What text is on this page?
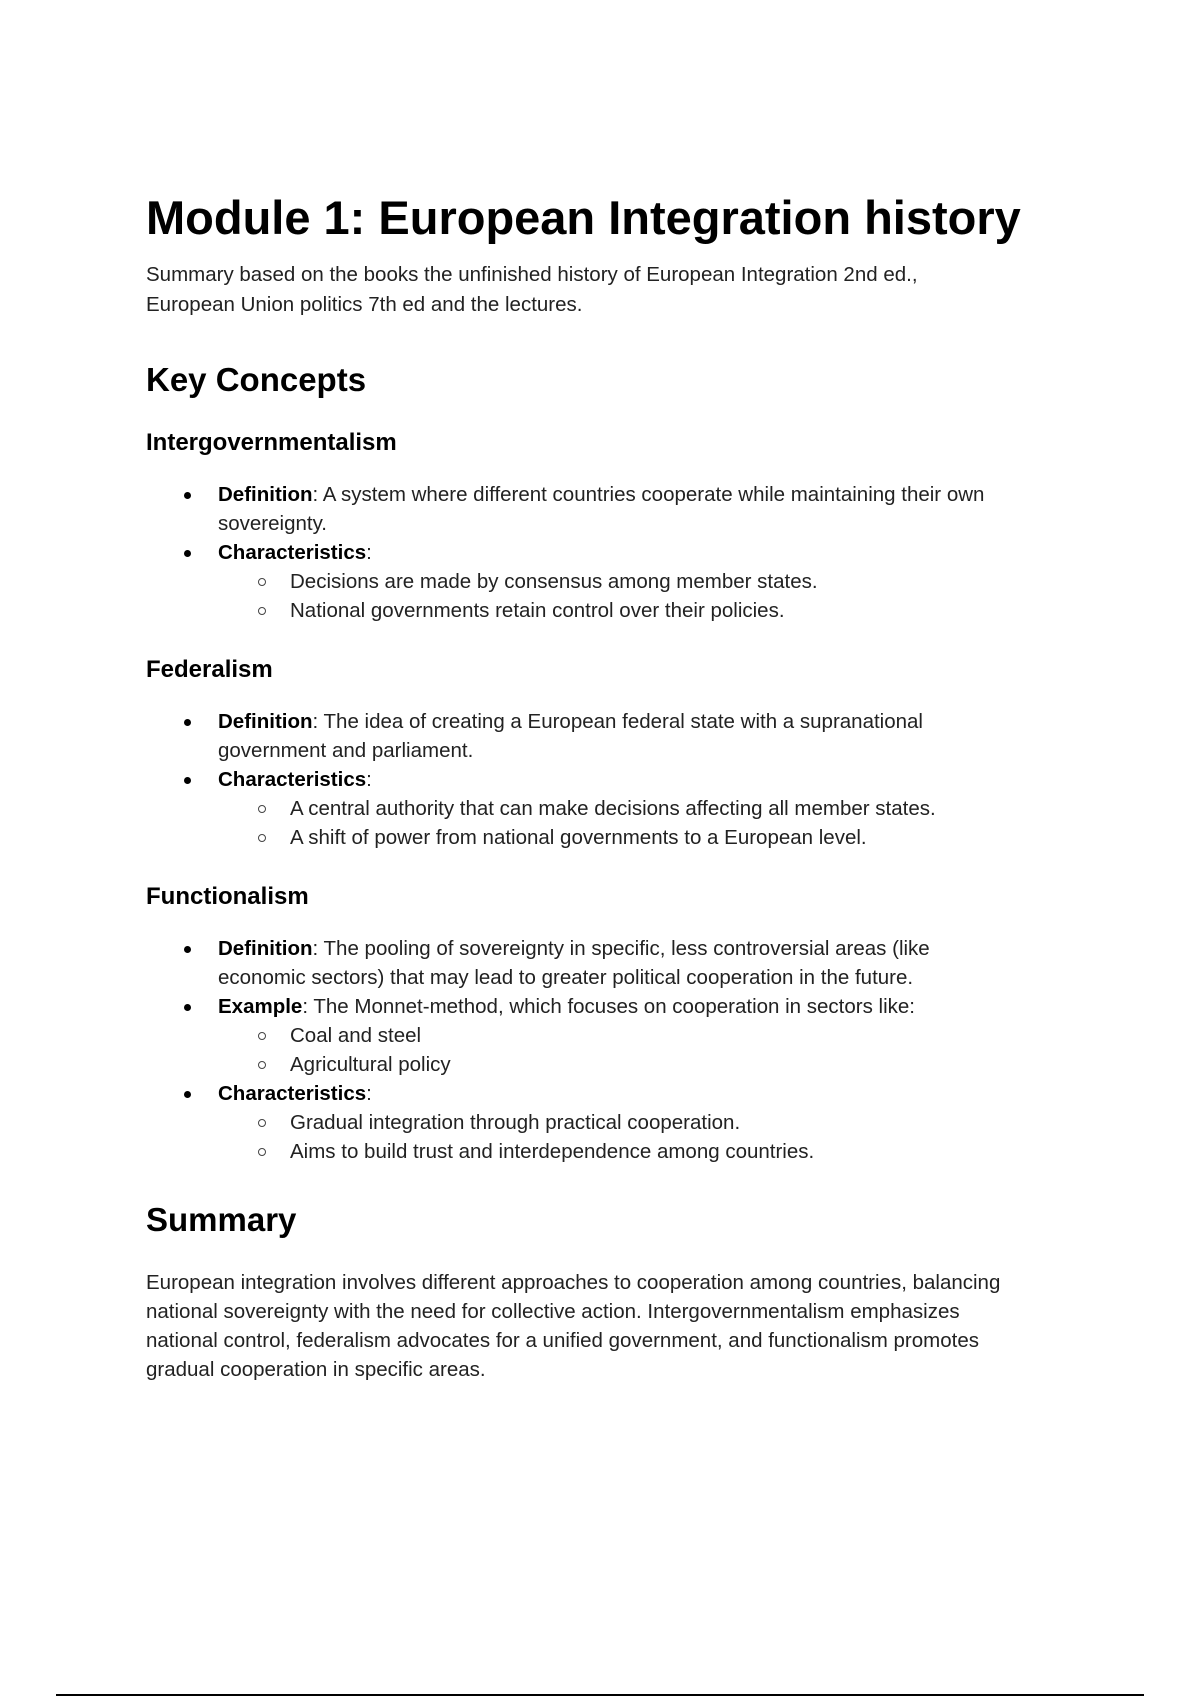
Module 1: European Integration history

Summary based on the books the unfinished history of European Integration 2nd ed., European Union politics 7th ed and the lectures.

Key Concepts
Intergovernmentalism
Definition: A system where different countries cooperate while maintaining their own sovereignty.
Characteristics:
Decisions are made by consensus among member states.
National governments retain control over their policies.
Federalism
Definition: The idea of creating a European federal state with a supranational government and parliament.
Characteristics:
A central authority that can make decisions affecting all member states.
A shift of power from national governments to a European level.
Functionalism
Definition: The pooling of sovereignty in specific, less controversial areas (like economic sectors) that may lead to greater political cooperation in the future.
Example: The Monnet-method, which focuses on cooperation in sectors like:
Coal and steel
Agricultural policy
Characteristics:
Gradual integration through practical cooperation.
Aims to build trust and interdependence among countries.
Summary

European integration involves different approaches to cooperation among countries, balancing national sovereignty with the need for collective action. Intergovernmentalism emphasizes national control, federalism advocates for a unified government, and functionalism promotes gradual cooperation in specific areas.
